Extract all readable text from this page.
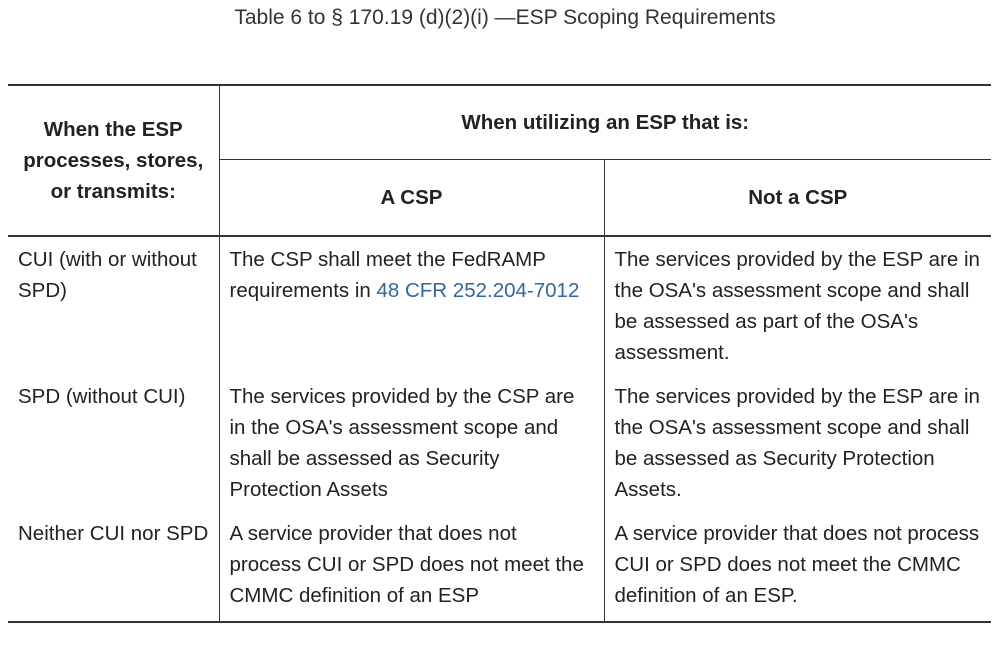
Table 6 to § 170.19 (d)(2)(i) —ESP Scoping Requirements
When the ESP processes, stores, or transmits:	When utilizing an ESP that is:	
	A CSP	Not a CSP
CUI (with or without SPD)	The CSP shall meet the FedRAMP requirements in 48 CFR 252.204-7012	The services provided by the ESP are in the OSA's assessment scope and shall be assessed as part of the OSA's assessment.
SPD (without CUI)	The services provided by the CSP are in the OSA's assessment scope and shall be assessed as Security Protection Assets	The services provided by the ESP are in the OSA's assessment scope and shall be assessed as Security Protection Assets.
Neither CUI nor SPD	A service provider that does not process CUI or SPD does not meet the CMMC definition of an ESP	A service provider that does not process CUI or SPD does not meet the CMMC definition of an ESP.
